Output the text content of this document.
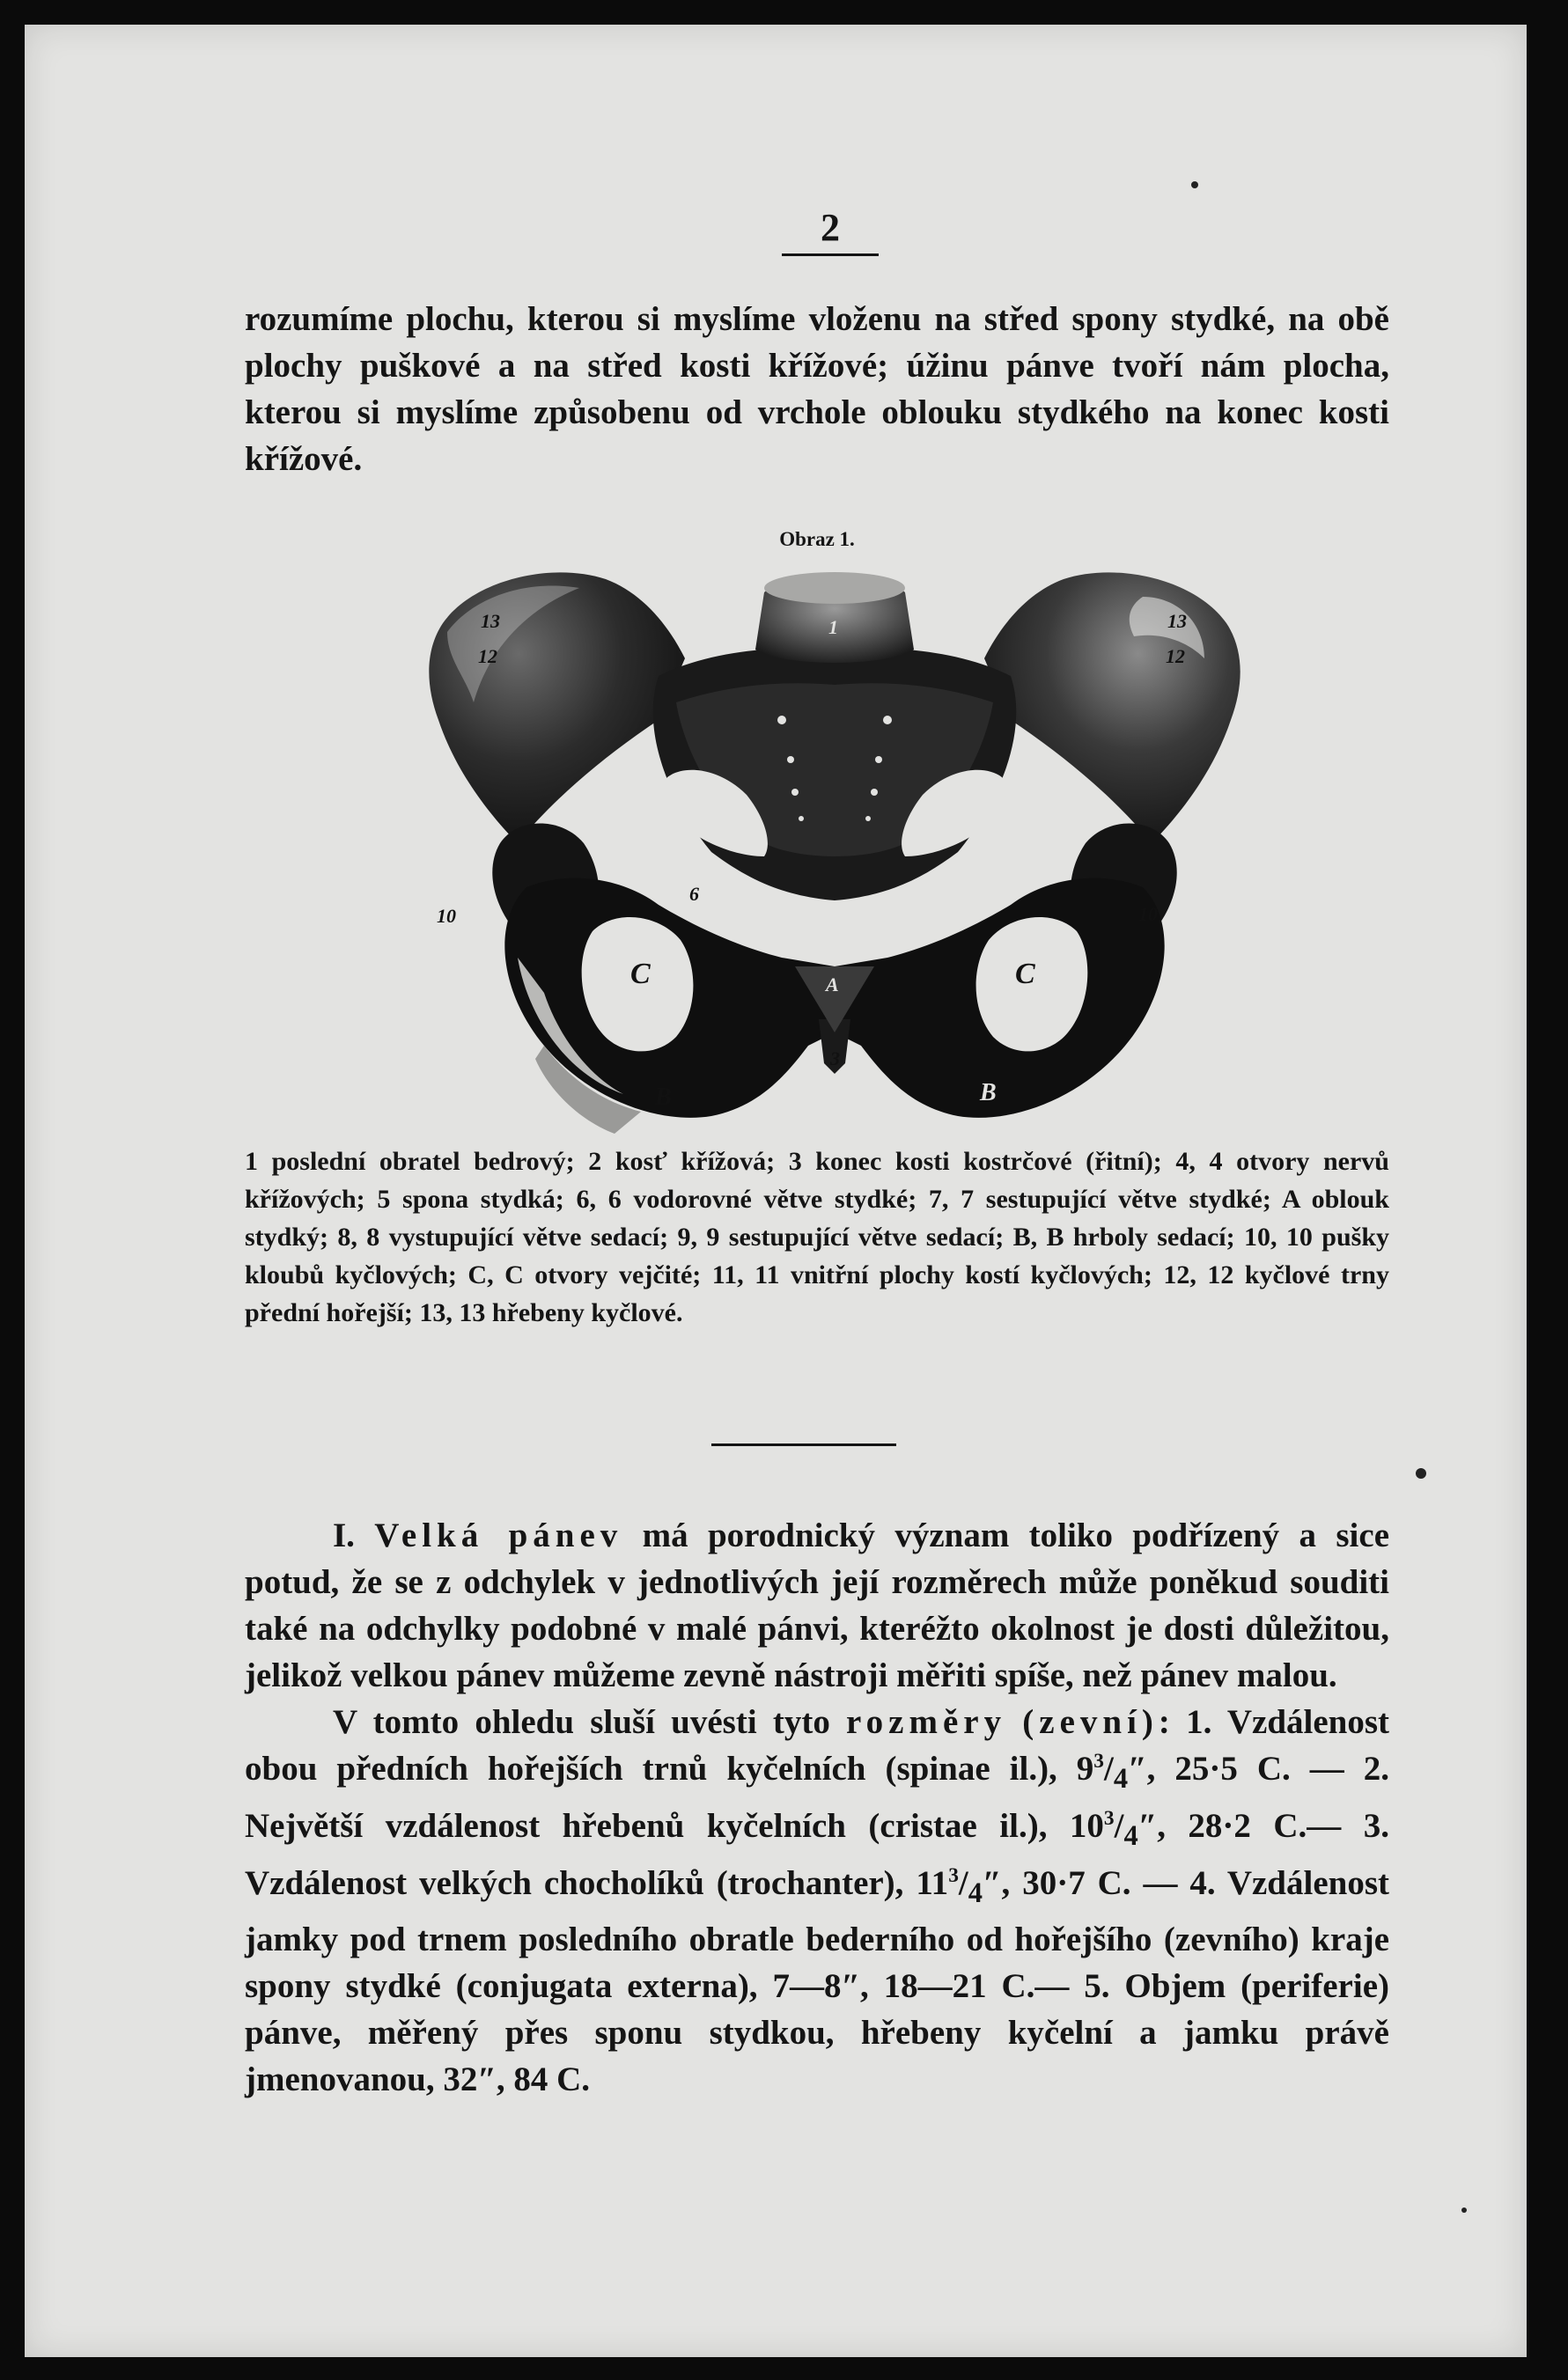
2
rozumíme plochu, kterou si myslíme vloženu na střed spony stydké, na obě plochy puškové a na střed kosti křížové; úžinu pánve tvoří nám plocha, kterou si myslíme způsobenu od vrchole oblouku stydkého na konec kosti křížové.
Obraz 1.
13
12
13
12
1
10	10
6
C	C
A
3
B	B
1 poslední obratel bedrový; 2 kosť křížová; 3 konec kosti kostrčové (řitní); 4, 4 otvory nervů křížových; 5 spona stydká; 6, 6 vodorovné větve stydké; 7, 7 sestupující větve stydké; A oblouk stydký; 8, 8 vystupující větve sedací; 9, 9 sestupující větve sedací; B, B hrboly sedací; 10, 10 pušky kloubů kyčlových; C, C otvory vejčité; 11, 11 vnitřní plochy kostí kyčlových; 12, 12 kyčlové trny přední hořejší; 13, 13 hřebeny kyčlové.

I. Velká pánev má porodnický význam toliko podřízený a sice potud, že se z odchylek v jednotlivých její rozměrech může poněkud souditi také na odchylky podobné v malé pánvi, kteréžto okolnost je dosti důležitou, jelikož velkou pánev můžeme zevně nástroji měřiti spíše, než pánev malou.

V tomto ohledu sluší uvésti tyto rozměry (zevní): 1. Vzdálenost obou předních hořejších trnů kyčelních (spinae il.), $9^3/_4''$, 25·5 C. — 2. Největší vzdálenost hřebenů kyčelních (cristae il.), $10^3/_4''$, 28·2 C.— 3. Vzdálenost velkých chocholíků (trochanter), $11^3/_4''$, 30·7 C. — 4. Vzdálenost jamky pod trnem posledního obratle bederního od hořejšího (zevního) kraje spony stydké (conjugata externa), 7—8″, 18—21 C.— 5. Objem (periferie) pánve, měřený přes sponu stydkou, hřebeny kyčelní a jamku právě jmenovanou, 32″, 84 C.
